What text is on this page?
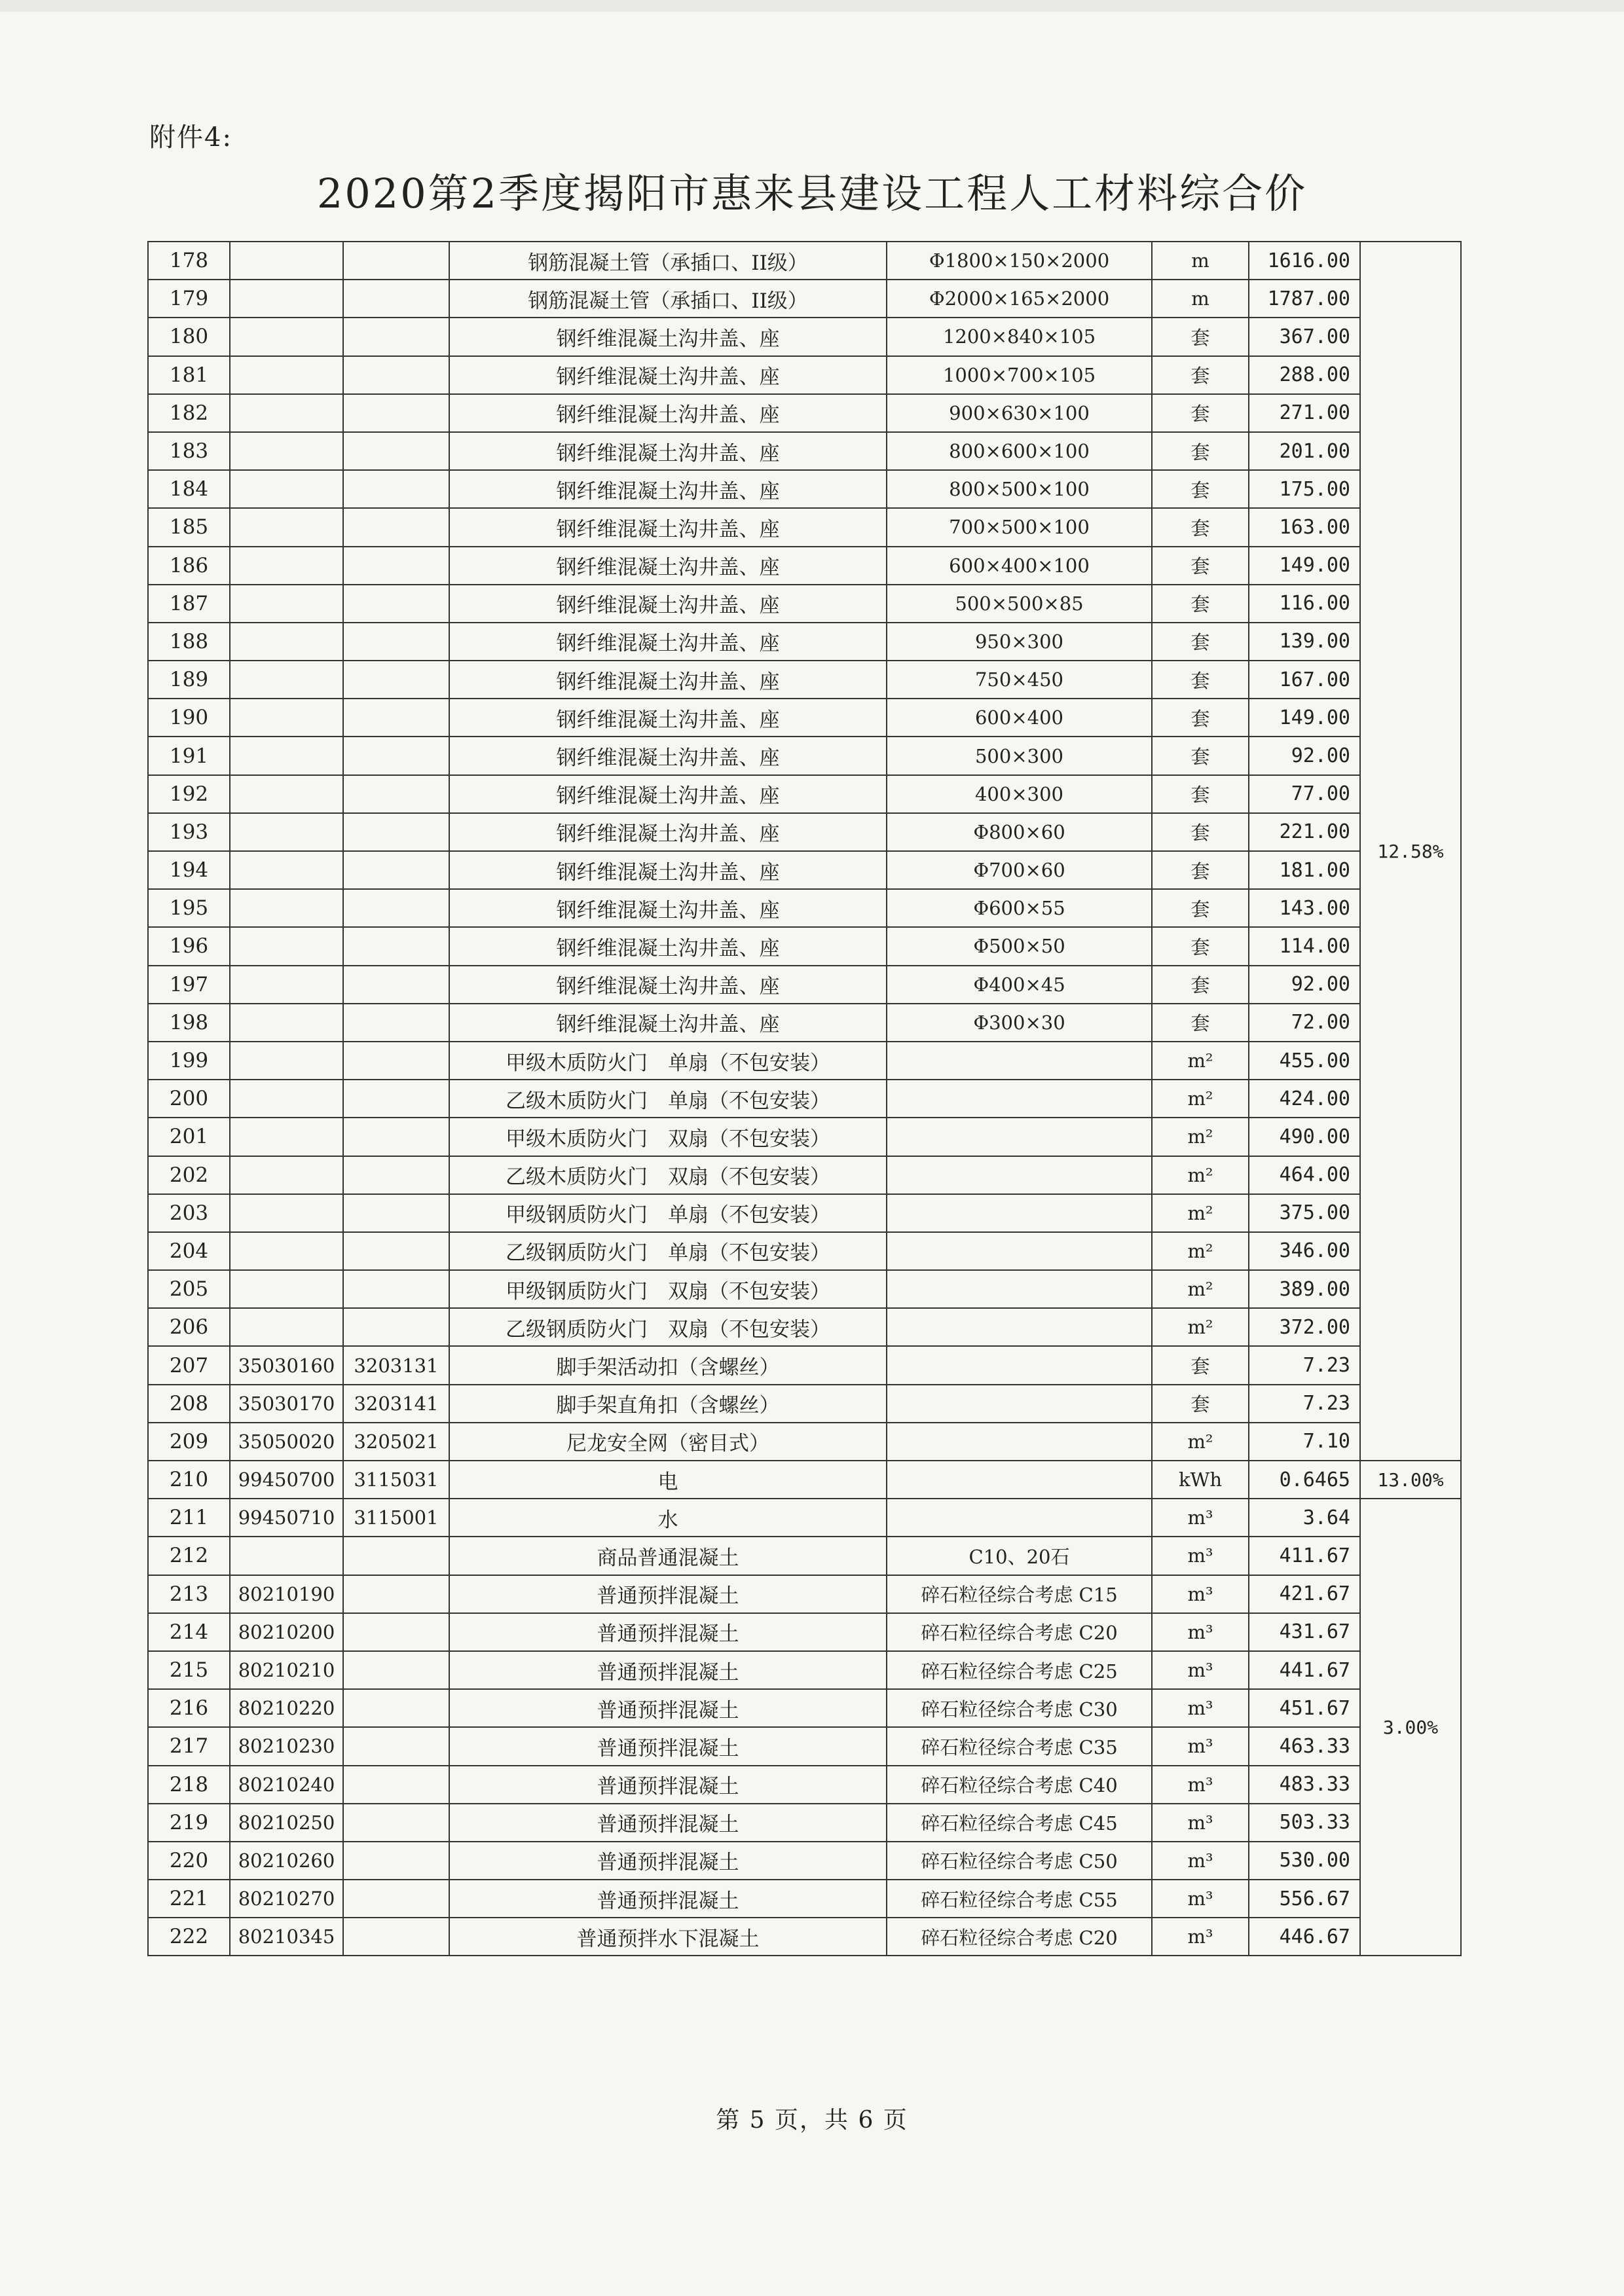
附件4:
2020第2季度揭阳市惠来县建设工程人工材料综合价
178			钢筋混凝土管（承插口、II级）	Φ1800×150×2000	m	1616.00	12.58%
179			钢筋混凝土管（承插口、II级）	Φ2000×165×2000	m	1787.00	
180			钢纤维混凝土沟井盖、座	1200×840×105	套	367.00	
181			钢纤维混凝土沟井盖、座	1000×700×105	套	288.00	
182			钢纤维混凝土沟井盖、座	900×630×100	套	271.00	
183			钢纤维混凝土沟井盖、座	800×600×100	套	201.00	
184			钢纤维混凝土沟井盖、座	800×500×100	套	175.00	
185			钢纤维混凝土沟井盖、座	700×500×100	套	163.00	
186			钢纤维混凝土沟井盖、座	600×400×100	套	149.00	
187			钢纤维混凝土沟井盖、座	500×500×85	套	116.00	
188			钢纤维混凝土沟井盖、座	950×300	套	139.00	
189			钢纤维混凝土沟井盖、座	750×450	套	167.00	
190			钢纤维混凝土沟井盖、座	600×400	套	149.00	
191			钢纤维混凝土沟井盖、座	500×300	套	92.00	
192			钢纤维混凝土沟井盖、座	400×300	套	77.00	
193			钢纤维混凝土沟井盖、座	Φ800×60	套	221.00	
194			钢纤维混凝土沟井盖、座	Φ700×60	套	181.00	
195			钢纤维混凝土沟井盖、座	Φ600×55	套	143.00	
196			钢纤维混凝土沟井盖、座	Φ500×50	套	114.00	
197			钢纤维混凝土沟井盖、座	Φ400×45	套	92.00	
198			钢纤维混凝土沟井盖、座	Φ300×30	套	72.00	
199			甲级木质防火门　单扇（不包安装）		m²	455.00	
200			乙级木质防火门　单扇（不包安装）		m²	424.00	
201			甲级木质防火门　双扇（不包安装）		m²	490.00	
202			乙级木质防火门　双扇（不包安装）		m²	464.00	
203			甲级钢质防火门　单扇（不包安装）		m²	375.00	
204			乙级钢质防火门　单扇（不包安装）		m²	346.00	
205			甲级钢质防火门　双扇（不包安装）		m²	389.00	
206			乙级钢质防火门　双扇（不包安装）		m²	372.00	
207	35030160	3203131	脚手架活动扣（含螺丝）		套	7.23	
208	35030170	3203141	脚手架直角扣（含螺丝）		套	7.23	
209	35050020	3205021	尼龙安全网（密目式）		m²	7.10	
210	99450700	3115031	电		kWh	0.6465	13.00%
211	99450710	3115001	水		m³	3.64	3.00%
212			商品普通混凝土	C10、20石	m³	411.67	
213	80210190		普通预拌混凝土	碎石粒径综合考虑 C15	m³	421.67	
214	80210200		普通预拌混凝土	碎石粒径综合考虑 C20	m³	431.67	
215	80210210		普通预拌混凝土	碎石粒径综合考虑 C25	m³	441.67	
216	80210220		普通预拌混凝土	碎石粒径综合考虑 C30	m³	451.67	
217	80210230		普通预拌混凝土	碎石粒径综合考虑 C35	m³	463.33	
218	80210240		普通预拌混凝土	碎石粒径综合考虑 C40	m³	483.33	
219	80210250		普通预拌混凝土	碎石粒径综合考虑 C45	m³	503.33	
220	80210260		普通预拌混凝土	碎石粒径综合考虑 C50	m³	530.00	
221	80210270		普通预拌混凝土	碎石粒径综合考虑 C55	m³	556.67	
222	80210345		普通预拌水下混凝土	碎石粒径综合考虑 C20	m³	446.67	
第 5 页，共 6 页
